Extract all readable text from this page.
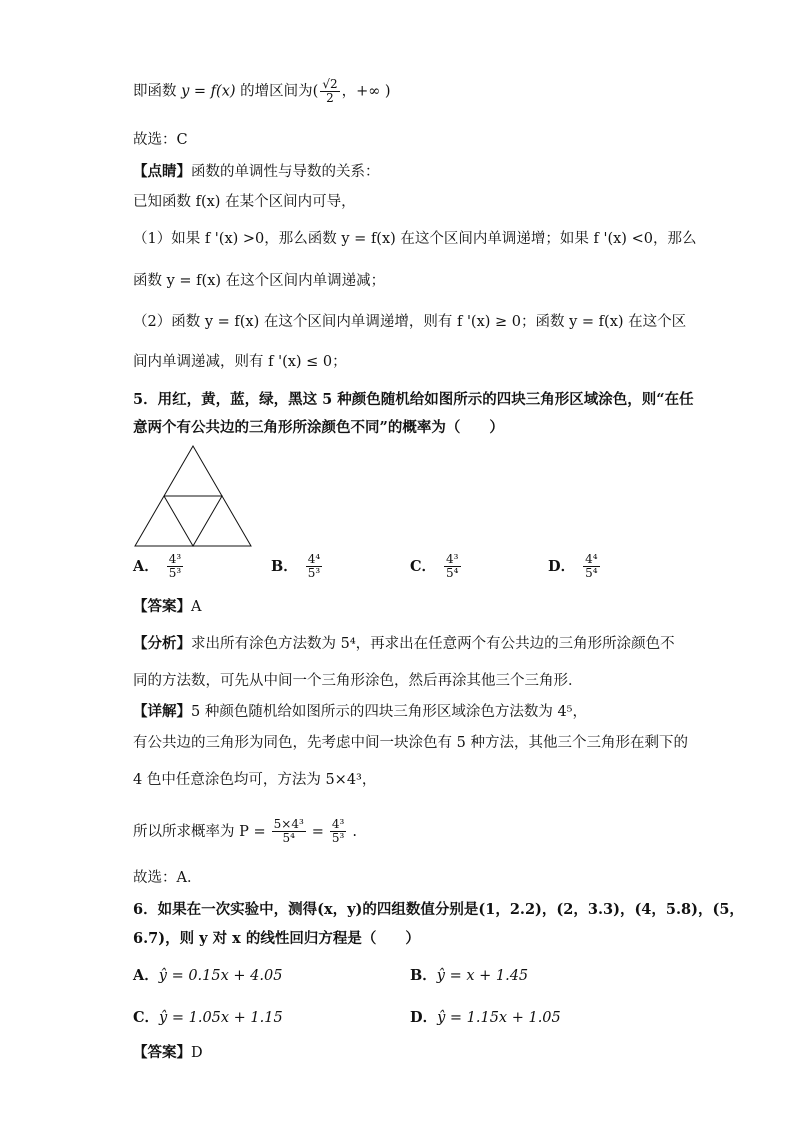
即函数 y = f(x) 的增区间为( $\frac{√2}{2}$ ，+∞ )
故选：C
【点睛】函数的单调性与导数的关系：
已知函数 f(x) 在某个区间内可导，
（1）如果 f '(x) >0，那么函数 y = f(x) 在这个区间内单调递增；如果 f '(x) <0，那么
函数 y = f(x) 在这个区间内单调递减；
（2）函数 y = f(x) 在这个区间内单调递增，则有 f '(x) ≥ 0；函数 y = f(x) 在这个区
间内单调递减，则有 f '(x) ≤ 0；
5．用红，黄，蓝，绿，黑这 5 种颜色随机给如图所示的四块三角形区域涂色，则“在任
意两个有公共边的三角形所涂颜色不同”的概率为（　　）
A． $\frac{\text{4³}}{\text{5³}}$	B． $\frac{\text{4⁴}}{\text{5³}}$	C． $\frac{\text{4³}}{\text{5⁴}}$	D． $\frac{\text{4⁴}}{\text{5⁴}}$
【答案】A
【分析】求出所有涂色方法数为 5⁴，再求出在任意两个有公共边的三角形所涂颜色不
同的方法数，可先从中间一个三角形涂色，然后再涂其他三个三角形．
【详解】5 种颜色随机给如图所示的四块三角形区域涂色方法数为 4⁵，
有公共边的三角形为同色，先考虑中间一块涂色有 5 种方法，其他三个三角形在剩下的
4 色中任意涂色均可，方法为 5×4³，
所以所求概率为 $P = \frac{\text{5×4³}}{\text{5⁴}} = \frac{\text{4³}}{\text{5³}}$ .
故选：A．
6．如果在一次实验中，测得(x，y)的四组数值分别是(1，2.2)，(2，3.3)，(4，5.8)，(5，
6.7)，则 y 对 x 的线性回归方程是（　　）
A．ŷ = 0.15x + 4.05	B．ŷ = x + 1.45
C．ŷ = 1.05x + 1.15	D．ŷ = 1.15x + 1.05
【答案】D
